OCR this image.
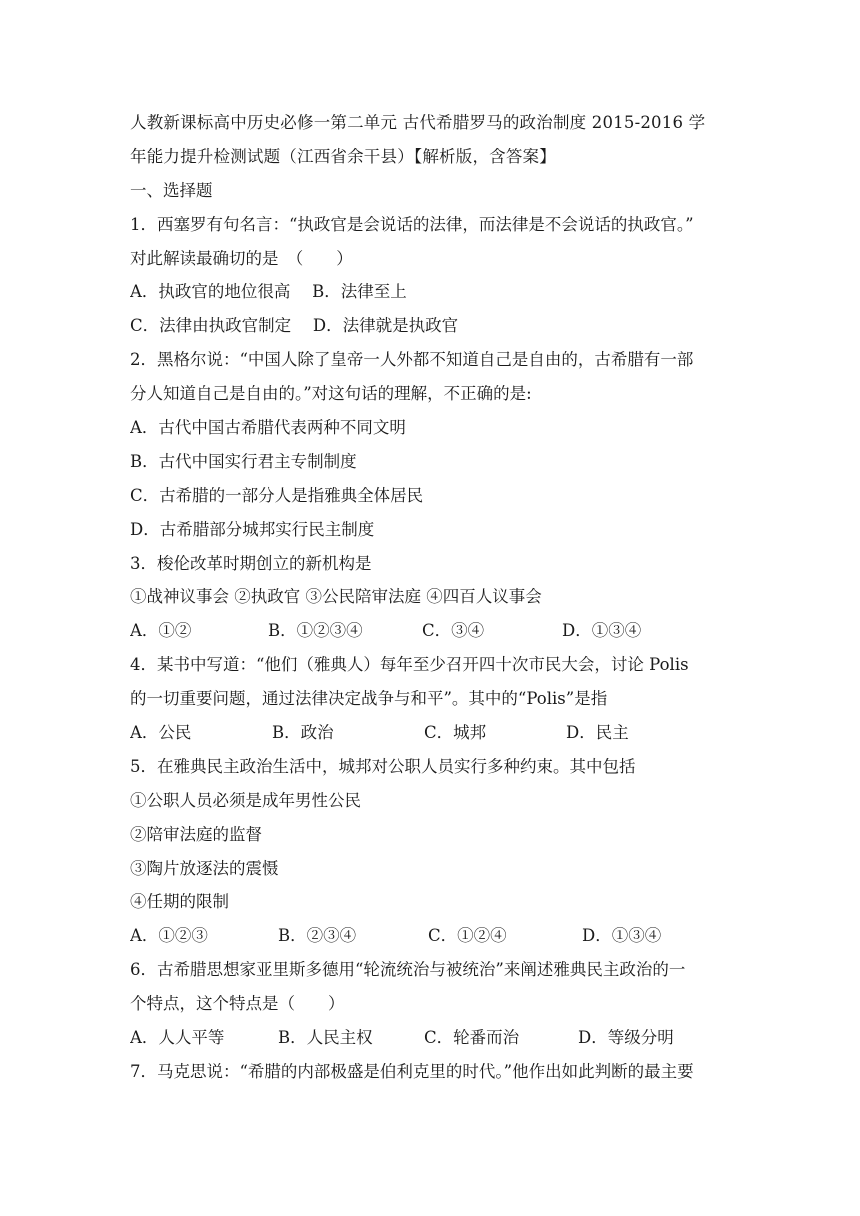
人教新课标高中历史必修一第二单元 古代希腊罗马的政治制度 2015-2016 学
年能力提升检测试题（江西省余干县）【解析版，含答案】
一、选择题
1．西塞罗有句名言：“执政官是会说话的法律，而法律是不会说话的执政官。”
对此解读最确切的是　（　　）
A．执政官的地位很高　 B．法律至上
C．法律由执政官制定　 D．法律就是执政官
2．黑格尔说：“中国人除了皇帝一人外都不知道自己是自由的，古希腊有一部
分人知道自己是自由的。”对这句话的理解，不正确的是:
A．古代中国古希腊代表两种不同文明
B．古代中国实行君主专制制度
C．古希腊的一部分人是指雅典全体居民
D．古希腊部分城邦实行民主制度
3．梭伦改革时期创立的新机构是
①战神议事会 ②执政官 ③公民陪审法庭 ④四百人议事会
A．①②	B．①②③④	C．③④	D．①③④
4．某书中写道：“他们（雅典人）每年至少召开四十次市民大会，讨论 Polis
的一切重要问题，通过法律决定战争与和平”。其中的“Polis”是指
A．公民	B．政治	C．城邦	D．民主
5．在雅典民主政治生活中，城邦对公职人员实行多种约束。其中包括
①公职人员必须是成年男性公民
②陪审法庭的监督
③陶片放逐法的震慑
④任期的限制
A．①②③	B．②③④	C．①②④	D．①③④
6．古希腊思想家亚里斯多德用“轮流统治与被统治”来阐述雅典民主政治的一
个特点，这个特点是（　　）
A．人人平等	B．人民主权	C．轮番而治	D．等级分明
7．马克思说：“希腊的内部极盛是伯利克里的时代。”他作出如此判断的最主要
